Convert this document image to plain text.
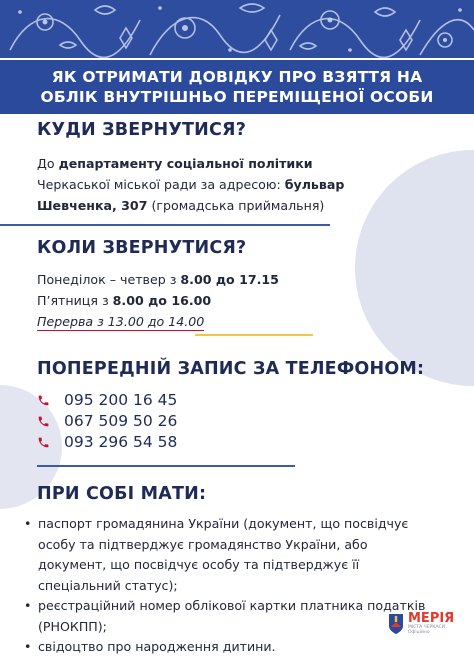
ЯК ОТРИМАТИ ДОВІДКУ ПРО ВЗЯТТЯ НА
ОБЛІК ВНУТРІШНЬО ПЕРЕМІЩЕНОЇ ОСОБИ
КУДИ ЗВЕРНУТИСЯ?
До департаменту соціальної політики
Черкаської міської ради за адресою: бульвар
Шевченка, 307 (громадська приймальня)
КОЛИ ЗВЕРНУТИСЯ?
Понеділок – четвер з 8.00 до 17.15
П’ятниця з 8.00 до 16.00
Перерва з 13.00 до 14.00
ПОПЕРЕДНІЙ ЗАПИС ЗА ТЕЛЕФОНОМ:
095 200 16 45
067 509 50 26
093 296 54 58
ПРИ СОБІ МАТИ:
• паспорт громадянина України (документ, що посвідчує особу та підтверджує громадянство України, або документ, що посвідчує особу та підтверджує її спеціальний статус);
• реєстраційний номер облікової картки платника податків (РНОКПП);
• свідоцтво про народження дитини.
МЕРІЯ
МІСТА ЧЕРКАСИ
Офіційно
